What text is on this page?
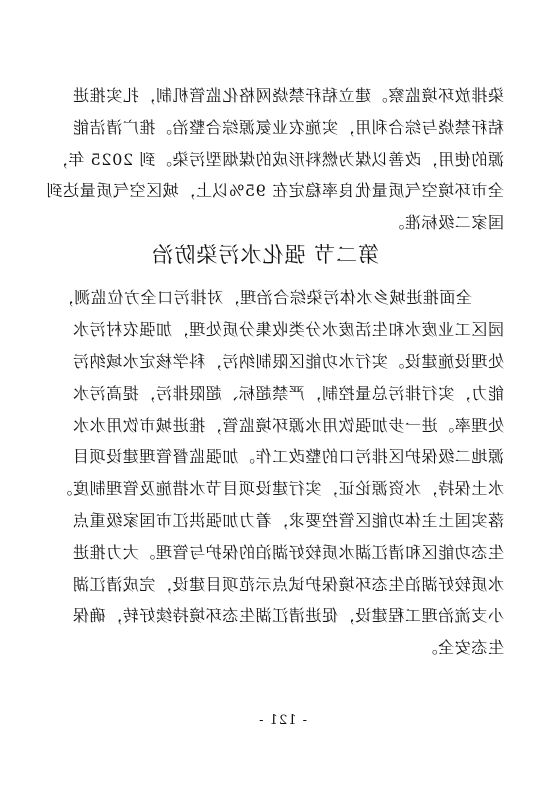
染排放环境监察。建立秸秆禁烧网格化监管机制，扎实推进
秸秆禁烧与综合利用，实施农业氨源综合整治。推广清洁能
源的使用，改善以煤为燃料形成的煤烟型污染。到 2025 年，
全市环境空气质量优良率稳定在 95%以上，城区空气质量达到
国家二级标准。
第二节 强化水污染防治
全面推进城乡水体污染综合治理，对排污口全方位监测，
园区工业废水和生活废水分类收集分质处理，加强农村污水
处理设施建设。实行水功能区限制纳污，科学核定水域纳污
能力，实行排污总量控制，严禁超标、超限排污，提高污水
处理率。进一步加强饮用水源环境监管，推进城市饮用水水
源地二级保护区排污口的整改工作。加强监督管理建设项目
水土保持，水资源论证，实行建设项目节水措施及管理制度。
落实国土主体功能区管控要求，着力加强洪江市国家级重点
生态功能区和清江湖水质较好湖泊的保护与管理。大力推进
水质较好湖泊生态环境保护试点示范项目建设，完成清江湖
小支流治理工程建设，促进清江湖生态环境持续好转，确保
生态安全。
- 121 -
